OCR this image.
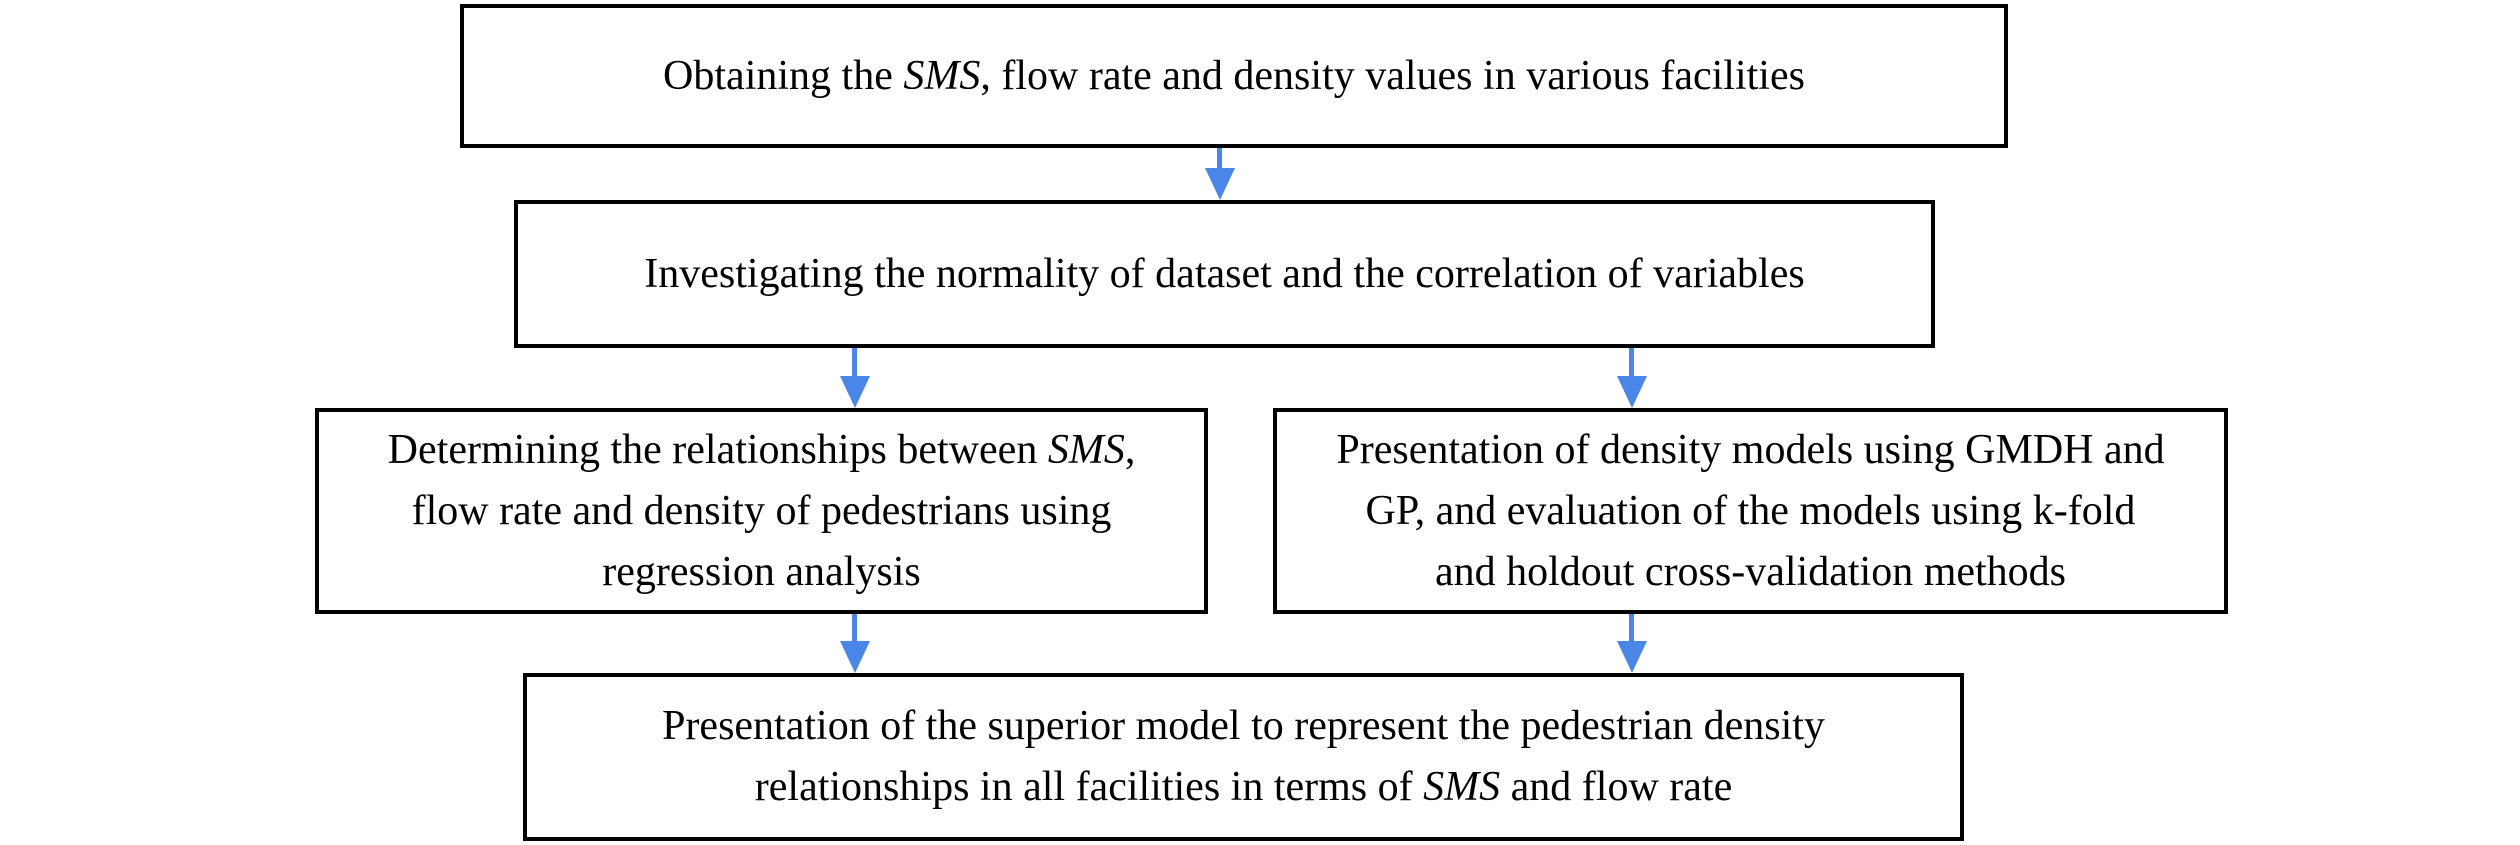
Obtaining the SMS, flow rate and density values in various facilities
Investigating the normality of dataset and the correlation of variables
Determining the relationships between SMS,
flow rate and density of pedestrians using
regression analysis
Presentation of density models using GMDH and
GP, and evaluation of the models using k-fold
and holdout cross-validation methods
Presentation of the superior model to represent the pedestrian density
relationships in all facilities in terms of SMS and flow rate
